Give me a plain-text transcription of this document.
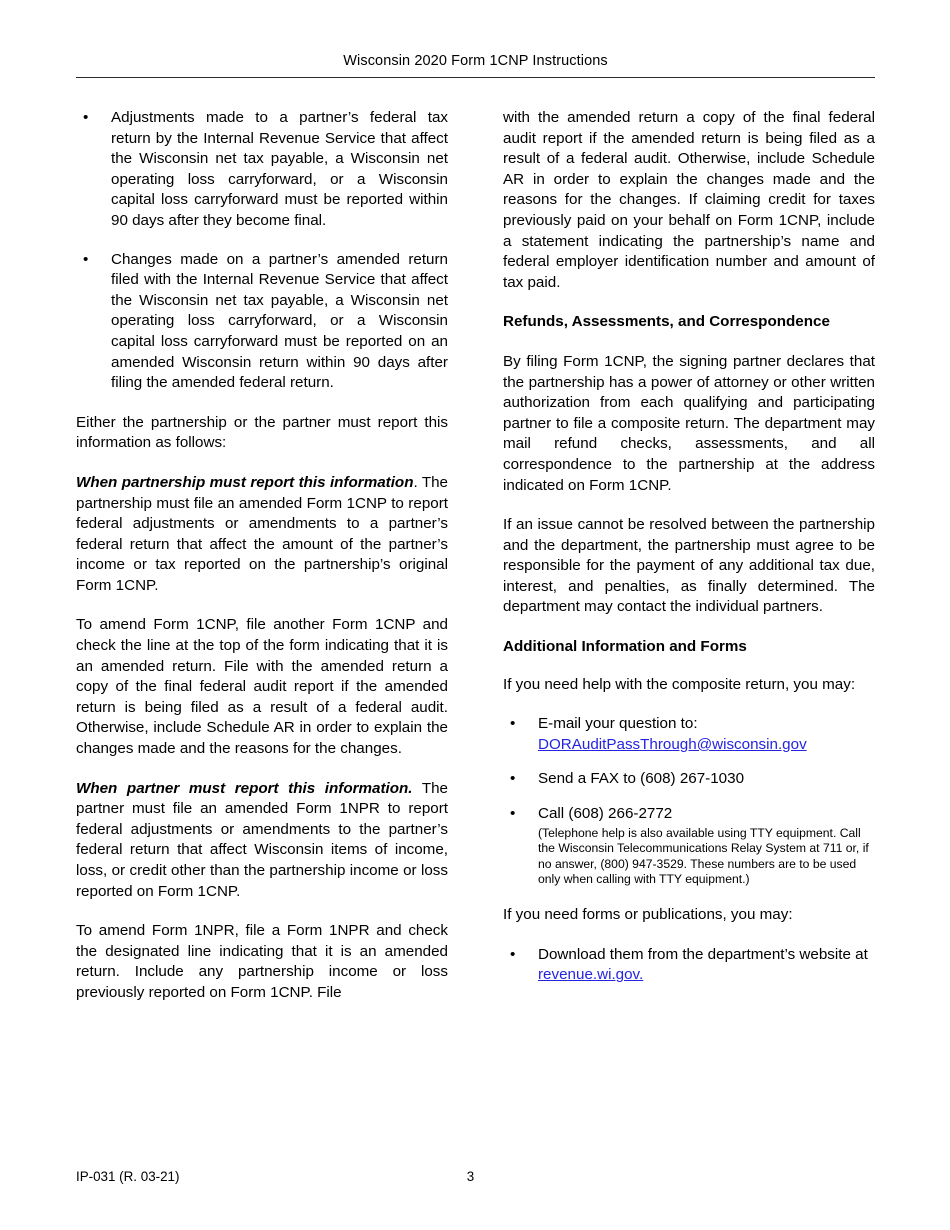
Wisconsin 2020 Form 1CNP Instructions
• Adjustments made to a partner’s federal tax return by the Internal Revenue Service that affect the Wisconsin net tax payable, a Wisconsin net operating loss carryforward, or a Wisconsin capital loss carryforward must be reported within 90 days after they become final.
• Changes made on a partner’s amended return filed with the Internal Revenue Service that affect the Wisconsin net tax payable, a Wisconsin net operating loss carryforward, or a Wisconsin capital loss carryforward must be reported on an amended Wisconsin return within 90 days after filing the amended federal return.

Either the partnership or the partner must report this information as follows:

When partnership must report this information. The partnership must file an amended Form 1CNP to report federal adjustments or amendments to a partner’s federal return that affect the amount of the partner’s income or tax reported on the partnership’s original Form 1CNP.

To amend Form 1CNP, file another Form 1CNP and check the line at the top of the form indicating that it is an amended return. File with the amended return a copy of the final federal audit report if the amended return is being filed as a result of a federal audit. Otherwise, include Schedule AR in order to explain the changes made and the reasons for the changes.

When partner must report this information. The partner must file an amended Form 1NPR to report federal adjustments or amendments to the partner’s federal return that affect Wisconsin items of income, loss, or credit other than the partnership income or loss reported on Form 1CNP.

To amend Form 1NPR, file a Form 1NPR and check the designated line indicating that it is an amended return. Include any partnership income or loss previously reported on Form 1CNP. File

with the amended return a copy of the final federal audit report if the amended return is being filed as a result of a federal audit. Otherwise, include Schedule AR in order to explain the changes made and the reasons for the changes. If claiming credit for taxes previously paid on your behalf on Form 1CNP, include a statement indicating the partnership’s name and federal employer identification number and amount of tax paid.

Refunds, Assessments, and Correspondence

By filing Form 1CNP, the signing partner declares that the partnership has a power of attorney or other written authorization from each qualifying and participating partner to file a composite return. The department may mail refund checks, assessments, and all correspondence to the partnership at the address indicated on Form 1CNP.

If an issue cannot be resolved between the partnership and the department, the partnership must agree to be responsible for the payment of any additional tax due, interest, and penalties, as finally determined. The department may contact the individual partners.

Additional Information and Forms

If you need help with the composite return, you may:

• E-mail your question to:
DORAuditPassThrough@wisconsin.gov
• Send a FAX to (608) 267-1030
• Call (608) 266-2772
(Telephone help is also available using TTY equipment. Call the Wisconsin Telecommunications Relay System at 711 or, if no answer, (800) 947-3529. These numbers are to be used only when calling with TTY equipment.)

If you need forms or publications, you may:

• Download them from the department’s website at revenue.wi.gov.
IP-031 (R. 03-21)	3
